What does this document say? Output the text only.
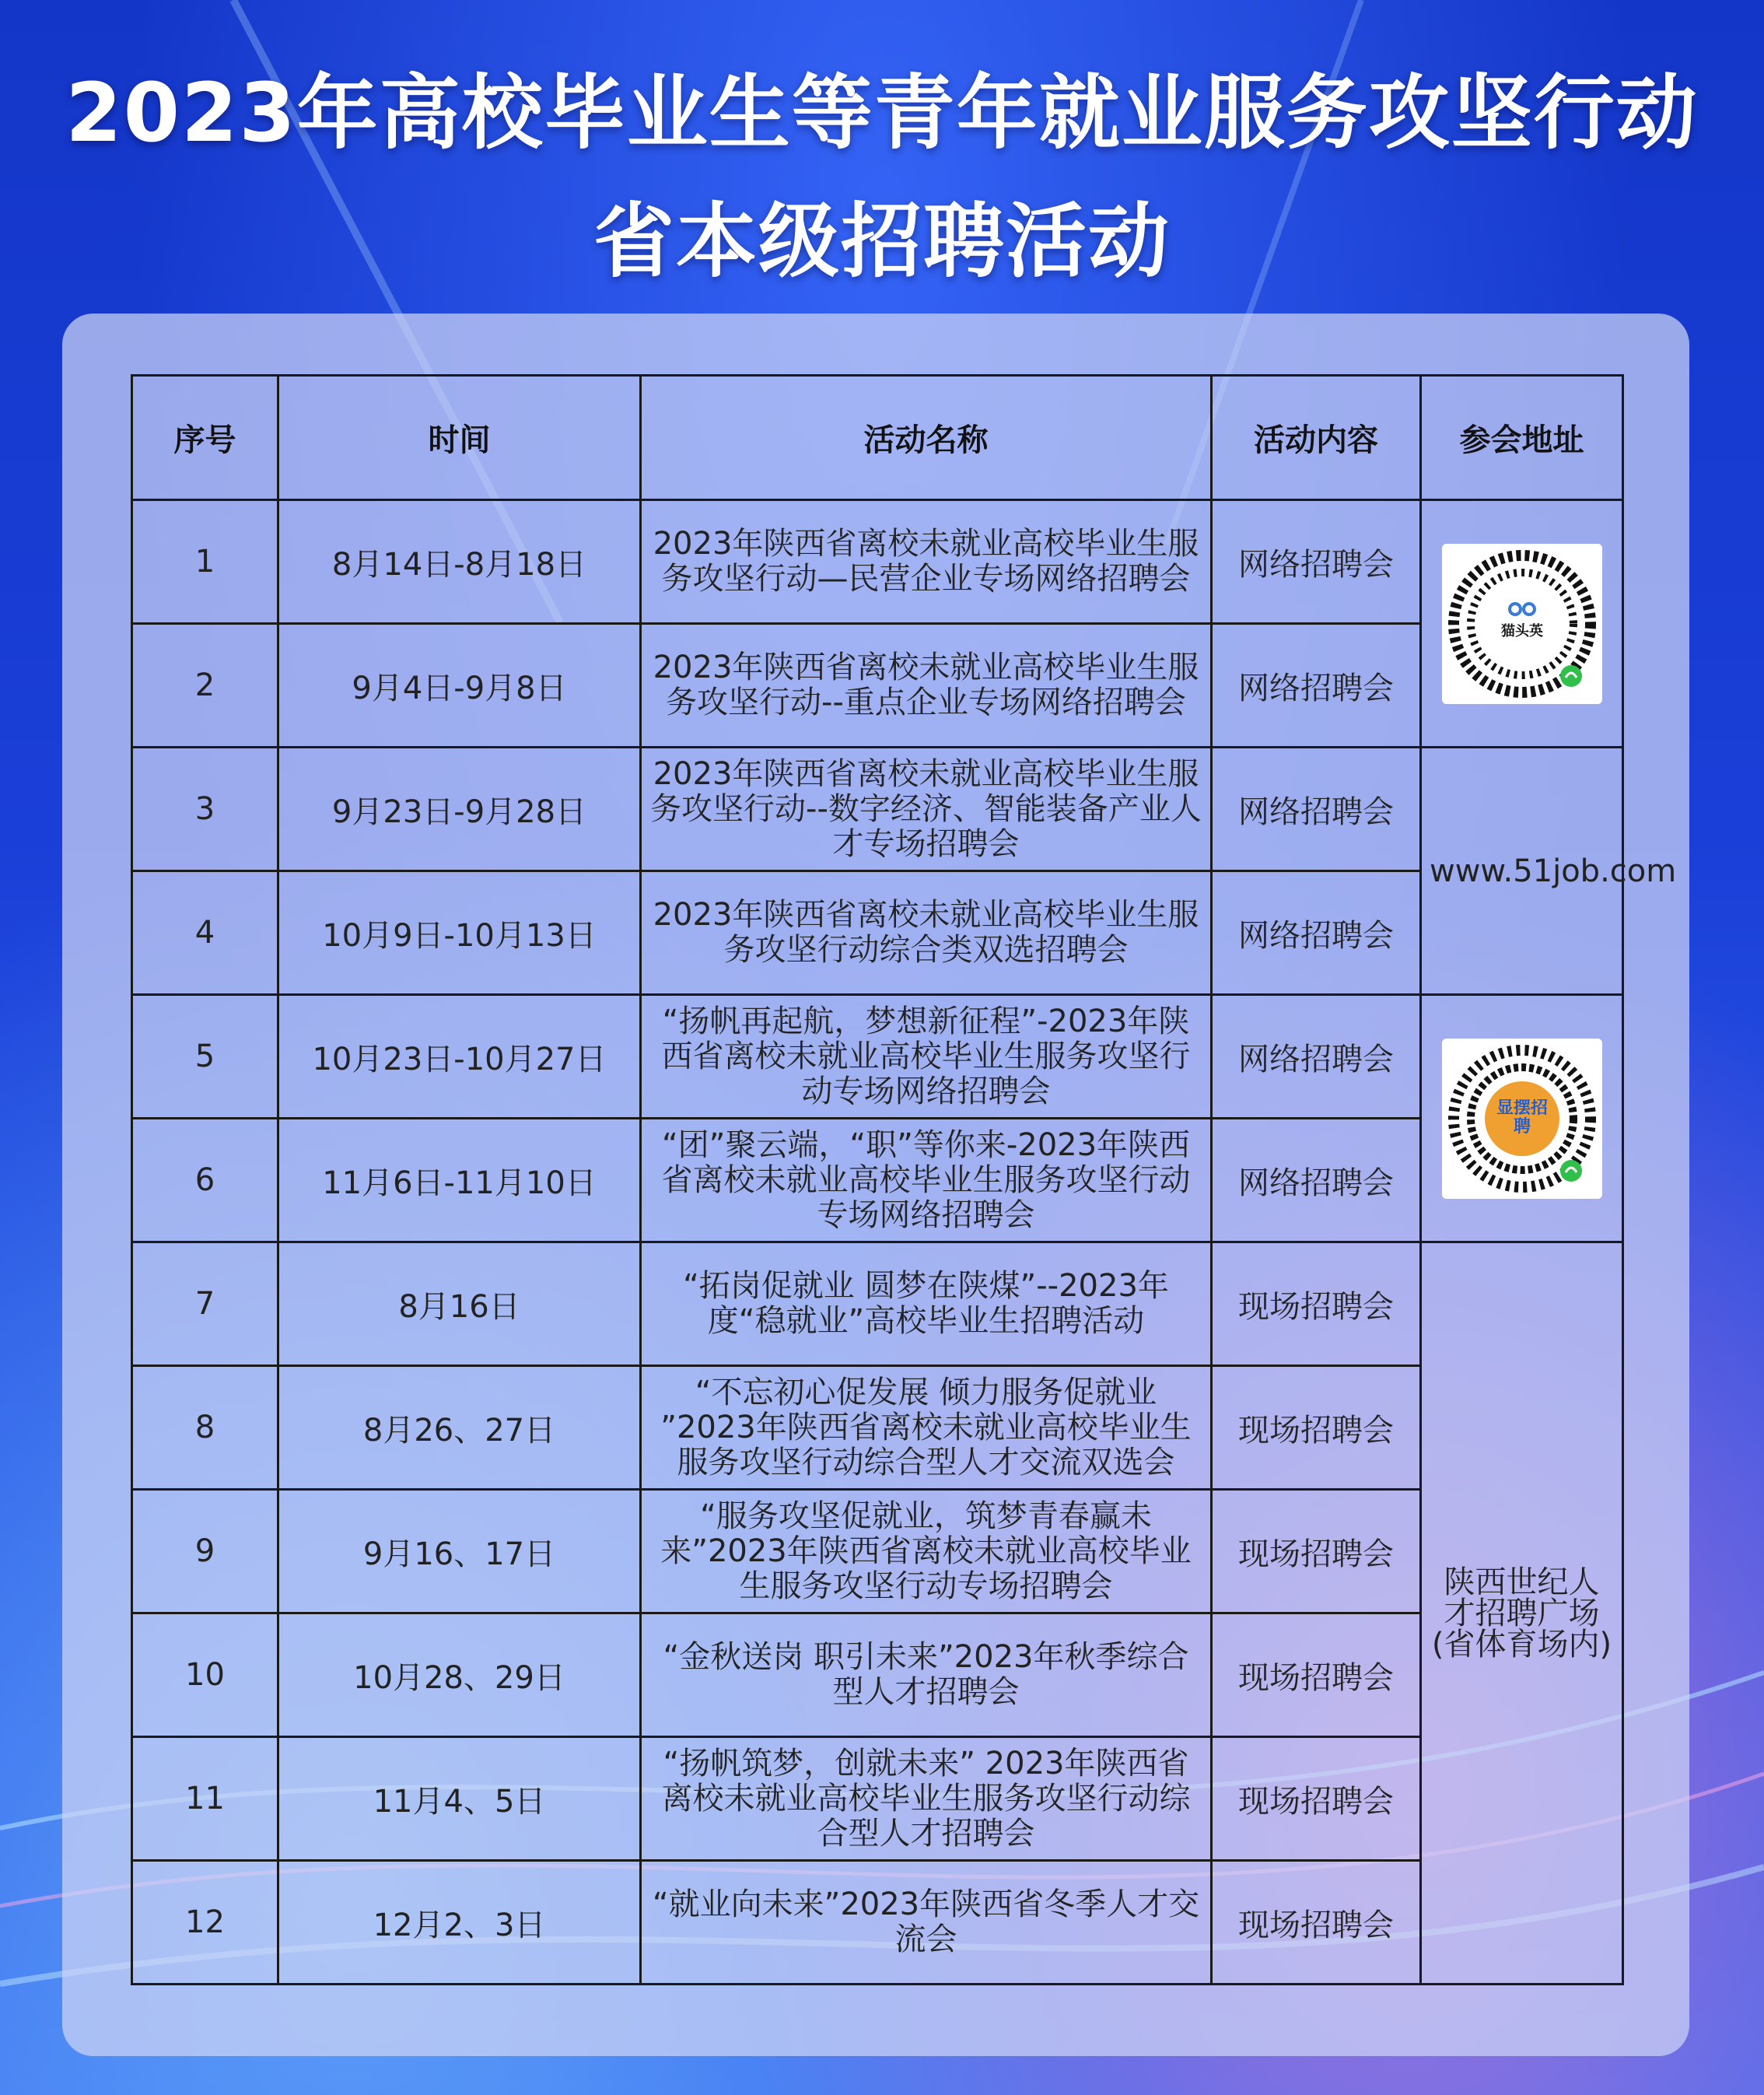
2023年高校毕业生等青年就业服务攻坚行动
省本级招聘活动
序号	时间	活动名称	活动内容	参会地址
1	8月14日-8月18日	2023年陕西省离校未就业高校毕业生服务攻坚行动—民营企业专场网络招聘会	网络招聘会	猫头英

2	9月4日-9月8日	2023年陕西省离校未就业高校毕业生服务攻坚行动--重点企业专场网络招聘会	网络招聘会	
3	9月23日-9月28日	2023年陕西省离校未就业高校毕业生服务攻坚行动--数字经济、智能装备产业人才专场招聘会	网络招聘会	www.51job.com
4	10月9日-10月13日	2023年陕西省离校未就业高校毕业生服务攻坚行动综合类双选招聘会	网络招聘会	
5	10月23日-10月27日	“扬帆再起航，梦想新征程”-2023年陕西省离校未就业高校毕业生服务攻坚行动专场网络招聘会	网络招聘会	显摆招聘

6	11月6日-11月10日	“团”聚云端，“职”等你来-2023年陕西省离校未就业高校毕业生服务攻坚行动专场网络招聘会	网络招聘会	
7	8月16日	“拓岗促就业 圆梦在陕煤”--2023年度“稳就业”高校毕业生招聘活动	现场招聘会	陕西世纪人才招聘广场(省体育场内)
8	8月26、27日	“不忘初心促发展 倾力服务促就业 ”2023年陕西省离校未就业高校毕业生服务攻坚行动综合型人才交流双选会	现场招聘会	
9	9月16、17日	“服务攻坚促就业，筑梦青春赢未来”2023年陕西省离校未就业高校毕业生服务攻坚行动专场招聘会	现场招聘会	
10	10月28、29日	“金秋送岗 职引未来”2023年秋季综合型人才招聘会	现场招聘会	
11	11月4、5日	“扬帆筑梦，创就未来” 2023年陕西省离校未就业高校毕业生服务攻坚行动综合型人才招聘会	现场招聘会	
12	12月2、3日	“就业向未来”2023年陕西省冬季人才交流会	现场招聘会	
